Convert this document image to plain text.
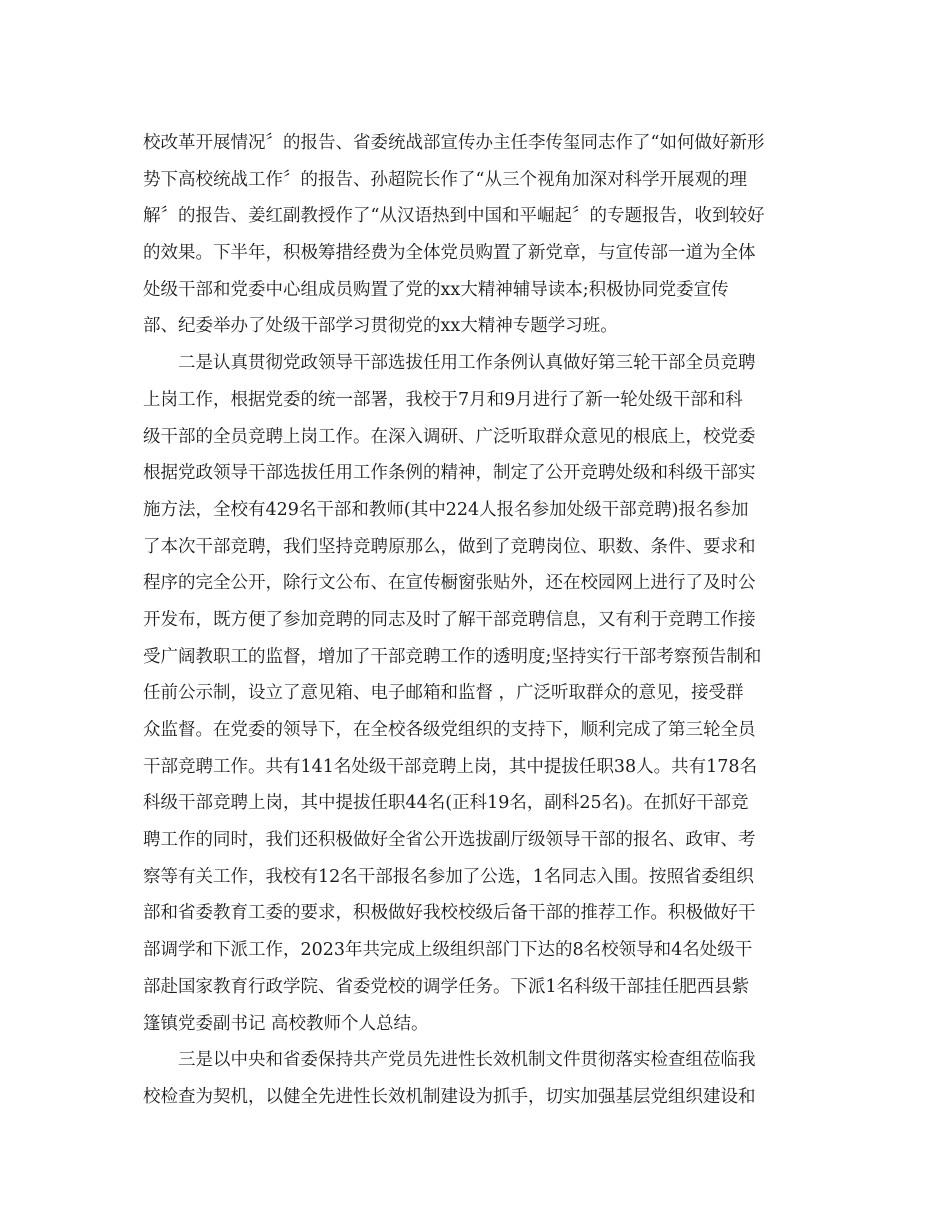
校改革开展情况〞的报告、省委统战部宣传办主任李传玺同志作了“如何做好新形
势下高校统战工作〞的报告、孙超院长作了“从三个视角加深对科学开展观的理
解〞的报告、姜红副教授作了“从汉语热到中国和平崛起〞的专题报告，收到较好
的效果。下半年，积极筹措经费为全体党员购置了新党章，与宣传部一道为全体
处级干部和党委中心组成员购置了党的xx大精神辅导读本;积极协同党委宣传
部、纪委举办了处级干部学习贯彻党的xx大精神专题学习班。
二是认真贯彻党政领导干部选拔任用工作条例认真做好第三轮干部全员竞聘
上岗工作，根据党委的统一部署，我校于7月和9月进行了新一轮处级干部和科
级干部的全员竞聘上岗工作。在深入调研、广泛听取群众意见的根底上，校党委
根据党政领导干部选拔任用工作条例的精神，制定了公开竞聘处级和科级干部实
施方法，全校有429名干部和教师(其中224人报名参加处级干部竞聘)报名参加
了本次干部竞聘，我们坚持竞聘原那么，做到了竞聘岗位、职数、条件、要求和
程序的完全公开，除行文公布、在宣传橱窗张贴外，还在校园网上进行了及时公
开发布，既方便了参加竞聘的同志及时了解干部竞聘信息，又有利于竞聘工作接
受广阔教职工的监督，增加了干部竞聘工作的透明度;坚持实行干部考察预告制和
任前公示制，设立了意见箱、电子邮箱和监督 ，广泛听取群众的意见，接受群
众监督。在党委的领导下，在全校各级党组织的支持下，顺利完成了第三轮全员
干部竞聘工作。共有141名处级干部竞聘上岗，其中提拔任职38人。共有178名
科级干部竞聘上岗，其中提拔任职44名(正科19名，副科25名)。在抓好干部竞
聘工作的同时，我们还积极做好全省公开选拔副厅级领导干部的报名、政审、考
察等有关工作，我校有12名干部报名参加了公选，1名同志入围。按照省委组织
部和省委教育工委的要求，积极做好我校校级后备干部的推荐工作。积极做好干
部调学和下派工作，2023年共完成上级组织部门下达的8名校领导和4名处级干
部赴国家教育行政学院、省委党校的调学任务。下派1名科级干部挂任肥西县紫
篷镇党委副书记 高校教师个人总结。
三是以中央和省委保持共产党员先进性长效机制文件贯彻落实检查组莅临我
校检查为契机，以健全先进性长效机制建设为抓手，切实加强基层党组织建设和
